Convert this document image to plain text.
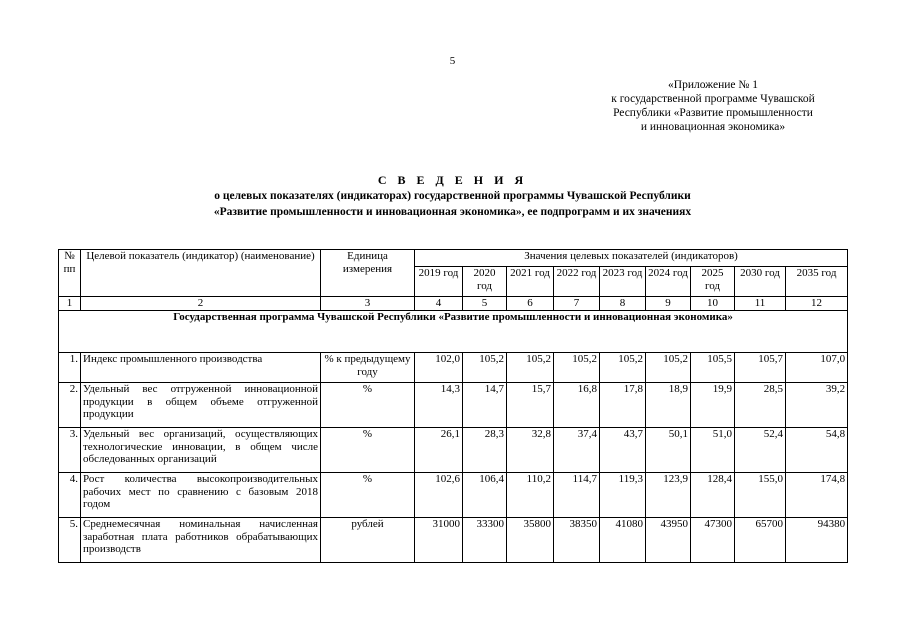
5
«Приложение № 1
к государственной программе Чувашской
Республики «Развитие промышленности
и инновационная экономика»
С В Е Д Е Н И Я
о целевых показателях (индикаторах) государственной программы Чувашской Республики
«Развитие промышленности и инновационная экономика», ее подпрограмм и их значениях
№ пп	Целевой показатель (индикатор) (наименование)	Единица измерения	Значения целевых показателей (индикаторов)								
			2019 год	2020 год	2021 год	2022 год	2023 год	2024 год	2025 год	2030 год	2035 год
1	2	3	4	5	6	7	8	9	10	11	12
Государственная программа Чувашской Республики «Развитие промышленности и инновационная экономика»											
1.	Индекс промышленного производства	% к предыдущему году	102,0	105,2	105,2	105,2	105,2	105,2	105,5	105,7	107,0
2.	Удельный вес отгруженной инновационной продукции в общем объеме отгруженной продукции	%	14,3	14,7	15,7	16,8	17,8	18,9	19,9	28,5	39,2
3.	Удельный вес организаций, осуществляющих технологические инновации, в общем числе обследованных организаций	%	26,1	28,3	32,8	37,4	43,7	50,1	51,0	52,4	54,8
4.	Рост количества высокопроизводительных рабочих мест по сравнению с базовым 2018 годом	%	102,6	106,4	110,2	114,7	119,3	123,9	128,4	155,0	174,8
5.	Среднемесячная номинальная начисленная заработная плата работников обрабатывающих производств	рублей	31000	33300	35800	38350	41080	43950	47300	65700	94380
